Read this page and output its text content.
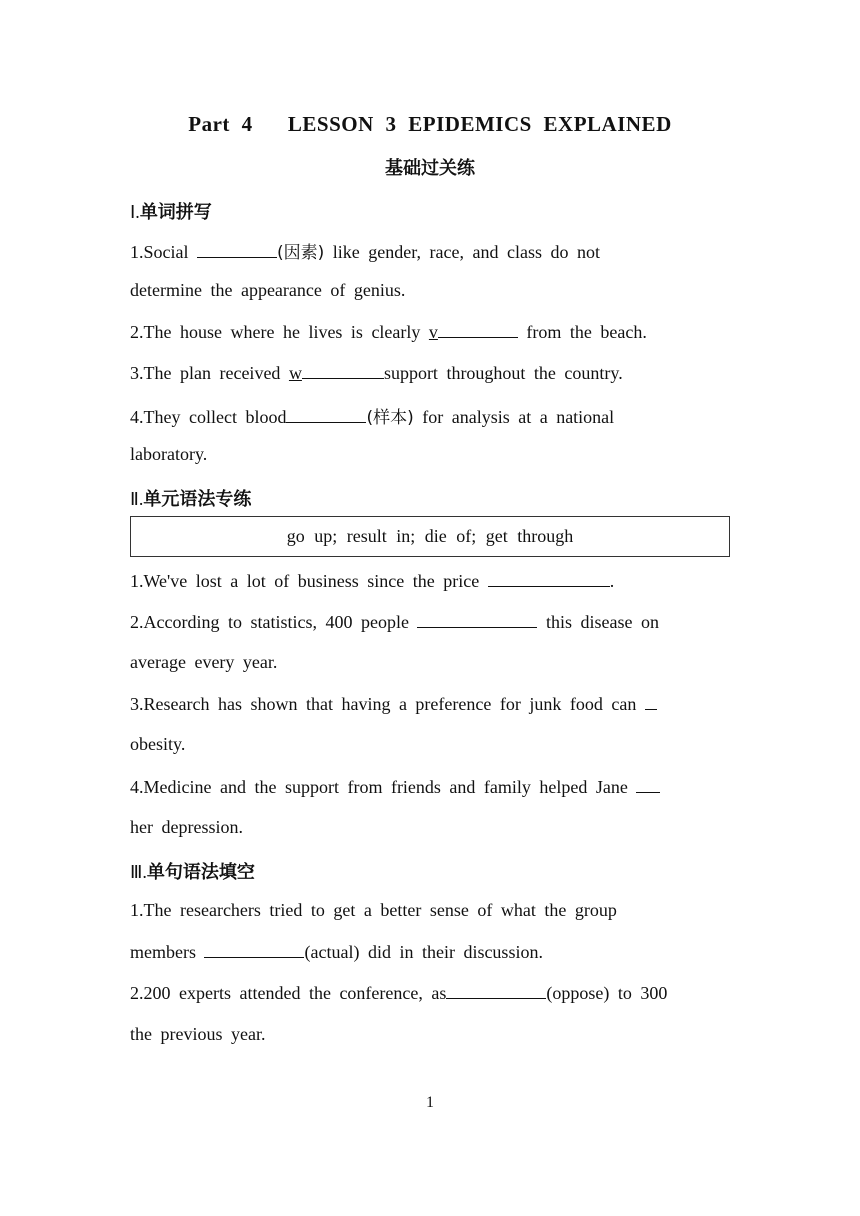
Part 4   LESSON 3 EPIDEMICS EXPLAINED
基础过关练
Ⅰ.单词拼写
1.Social	(因素) like gender, race, and class do not
determine the appearance of genius.
2.The house where he lives is clearly v	from the beach.
3.The plan received w	support throughout the country.
4.They collect blood	(样本) for analysis at a national
laboratory.
Ⅱ.单元语法专练
go up; result in; die of; get through
1.We've lost a lot of business since the price	.
2.According to statistics, 400 people	this disease on
average every year.
3.Research has shown that having a preference for junk food can
obesity.
4.Medicine and the support from friends and family helped Jane
her depression.
Ⅲ.单句语法填空
1.The researchers tried to get a better sense of what the group
members	(actual) did in their discussion.
2.200 experts attended the conference, as	(oppose) to 300
the previous year.
1
